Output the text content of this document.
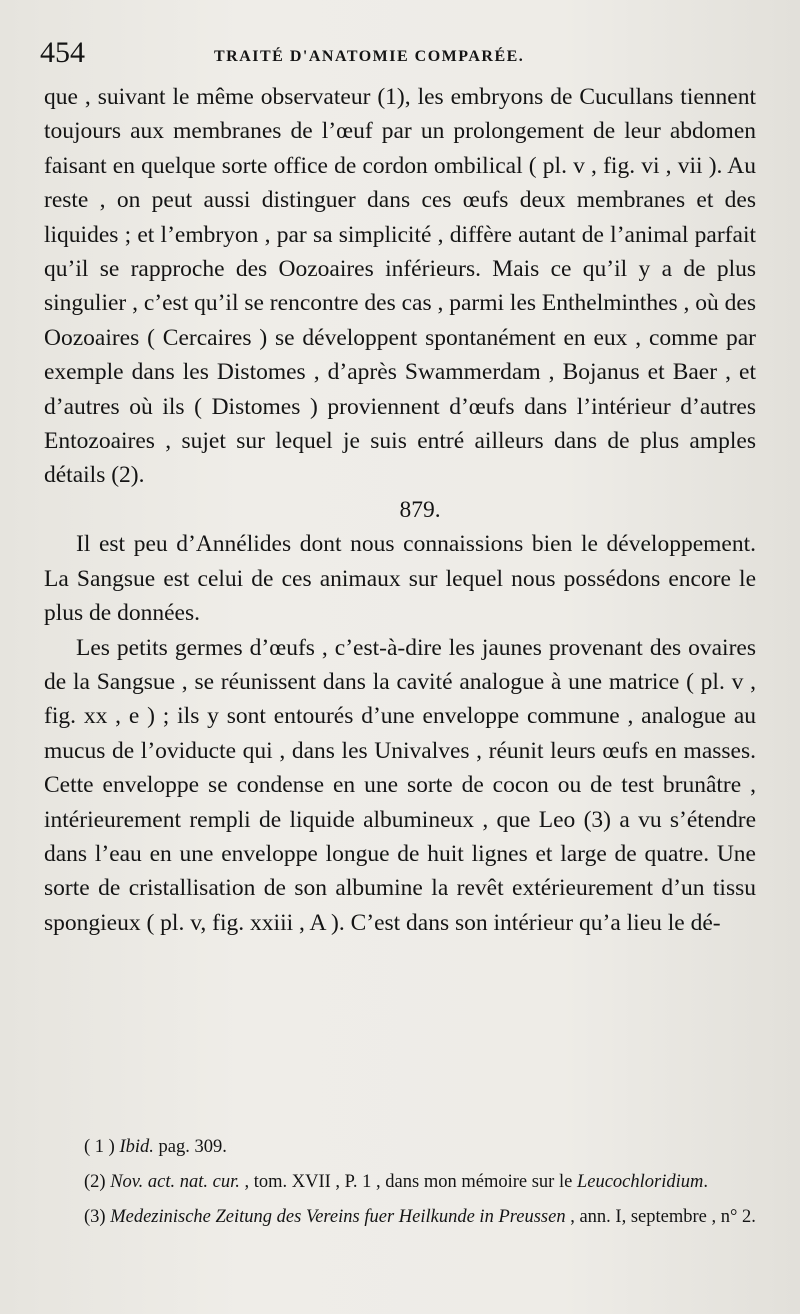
454	TRAITÉ D'ANATOMIE COMPARÉE.

que , suivant le même observateur (1), les embryons de Cucullans tiennent toujours aux membranes de l’œuf par un prolongement de leur abdomen faisant en quelque sorte office de cordon ombilical ( pl. v , fig. vi , vii ). Au reste , on peut aussi distinguer dans ces œufs deux membranes et des liquides ; et l’embryon , par sa simplicité , diffère autant de l’animal parfait qu’il se rapproche des Oozoaires inférieurs. Mais ce qu’il y a de plus singulier , c’est qu’il se rencontre des cas , parmi les Enthelminthes , où des Oozoaires ( Cercaires ) se développent spontanément en eux , comme par exemple dans les Distomes , d’après Swammerdam , Bojanus et Baer , et d’autres où ils ( Distomes ) proviennent d’œufs dans l’intérieur d’autres Entozoaires , sujet sur lequel je suis entré ailleurs dans de plus amples détails (2).

879.

Il est peu d’Annélides dont nous connaissions bien le développement. La Sangsue est celui de ces animaux sur lequel nous possédons encore le plus de données.

Les petits germes d’œufs , c’est-à-dire les jaunes provenant des ovaires de la Sangsue , se réunissent dans la cavité analogue à une matrice ( pl. v , fig. xx , e ) ; ils y sont entourés d’une enveloppe commune , analogue au mucus de l’oviducte qui , dans les Univalves , réunit leurs œufs en masses. Cette enveloppe se condense en une sorte de cocon ou de test brunâtre , intérieurement rempli de liquide albumineux , que Leo (3) a vu s’étendre dans l’eau en une enveloppe longue de huit lignes et large de quatre. Une sorte de cristallisation de son albumine la revêt extérieurement d’un tissu spongieux ( pl. v, fig. xxiii , A ). C’est dans son intérieur qu’a lieu le dé-

( 1 ) Ibid. pag. 309.

(2) Nov. act. nat. cur. , tom. XVII , P. 1 , dans mon mémoire sur le Leucochloridium.

(3) Medezinische Zeitung des Vereins fuer Heilkunde in Preussen , ann. I, septembre , n° 2.
